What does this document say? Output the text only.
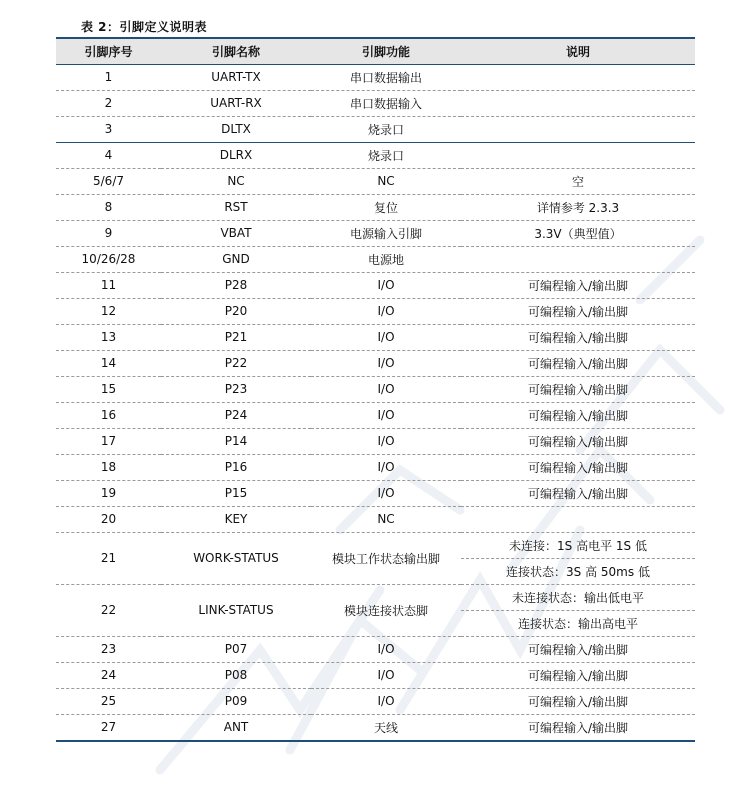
表 2：引脚定义说明表
引脚序号	引脚名称	引脚功能	说明
1	UART-TX	串口数据输出	
2	UART-RX	串口数据输入	
3	DLTX	烧录口	
4	DLRX	烧录口	
5/6/7	NC	NC	空
8	RST	复位	详情参考 2.3.3
9	VBAT	电源输入引脚	3.3V（典型值）
10/26/28	GND	电源地	
11	P28	I/O	可编程输入/输出脚
12	P20	I/O	可编程输入/输出脚
13	P21	I/O	可编程输入/输出脚
14	P22	I/O	可编程输入/输出脚
15	P23	I/O	可编程输入/输出脚
16	P24	I/O	可编程输入/输出脚
17	P14	I/O	可编程输入/输出脚
18	P16	I/O	可编程输入/输出脚
19	P15	I/O	可编程输入/输出脚
20	KEY	NC	
21	WORK-STATUS	模块工作状态输出脚	未连接：1S 高电平 1S 低
			连接状态：3S 高 50ms 低
22	LINK-STATUS	模块连接状态脚	未连接状态：输出低电平
			连接状态：输出高电平
23	P07	I/O	可编程输入/输出脚
24	P08	I/O	可编程输入/输出脚
25	P09	I/O	可编程输入/输出脚
27	ANT	天线	可编程输入/输出脚
